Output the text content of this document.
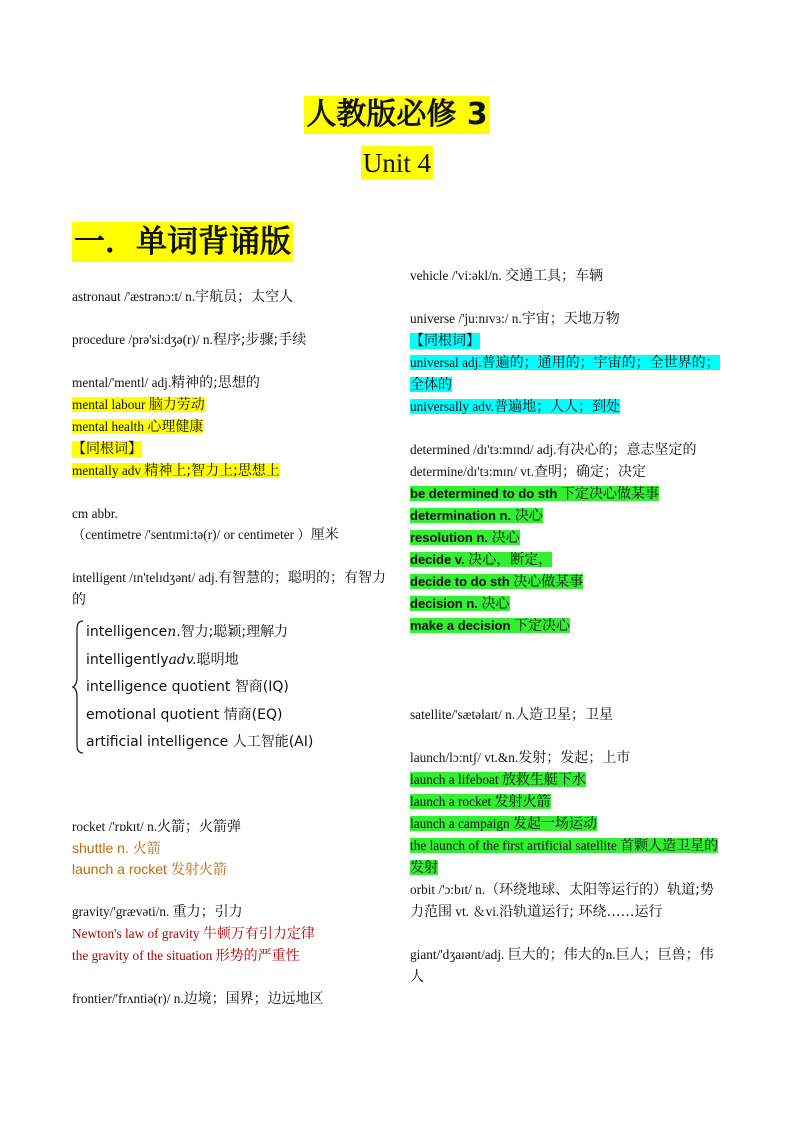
人教版必修 3
Unit 4
一．单词背诵版

astronaut /'æstrənɔ:t/ n.宇航员；太空人

procedure /prə'si:dʒə(r)/ n.程序;步骤;手续

mental/'mentl/ adj.精神的;思想的

mental labour 脑力劳动

mental health 心理健康

【同根词】

mentally adv 精神上;智力上;思想上

cm abbr.

（centimetre /'sentɪmi:tə(r)/ or centimeter ）厘米

intelligent /ɪn'telɪdʒənt/ adj.有智慧的；聪明的；有智力的

intelligencen.智力;聪颖;理解力

intelligentlyadv.聪明地

intelligence quotient 智商(IQ)

emotional quotient 情商(EQ)

artificial intelligence 人工智能(AI)

rocket /'rɒkɪt/ n.火箭；火箭弹

shuttle n. 火箭

launch a rocket 发射火箭

gravity/'grævəti/n. 重力；引力

Newton's law of gravity 牛顿万有引力定律

the gravity of the situation 形势的严重性

frontier/'frʌntiə(r)/ n.边境；国界；边远地区

vehicle /'vi:əkl/n. 交通工具；车辆

universe /'ju:nɪvɜ:/ n.宇宙；天地万物

【同根词】

universal adj.普遍的；通用的；宇宙的；全世界的；全体的

universally adv.普遍地；人人；到处

determined /dɪ'tɜ:mɪnd/ adj.有决心的；意志坚定的

determine/dɪ'tɜ:mɪn/ vt.查明；确定；决定

be determined to do sth 下定决心做某事

determination n. 决心

resolution n. 决心

decide v. 决心，断定，

decide to do sth 决心做某事

decision n. 决心

make a decision 下定决心

satellite/'sætəlaɪt/ n.人造卫星；卫星

launch/lɔ:ntʃ/ vt.&n.发射；发起；上市

launch a lifeboat 放救生艇下水

launch a rocket 发射火箭

launch a campaign 发起一场运动

the launch of the first artificial satellite 首颗人造卫星的发射

orbit /'ɔ:bɪt/ n.（环绕地球、太阳等运行的）轨道;势力范围 vt. ＆vi.沿轨道运行; 环绕……运行

giant/'dʒaɪənt/adj. 巨大的；伟大的n.巨人；巨兽；伟人
